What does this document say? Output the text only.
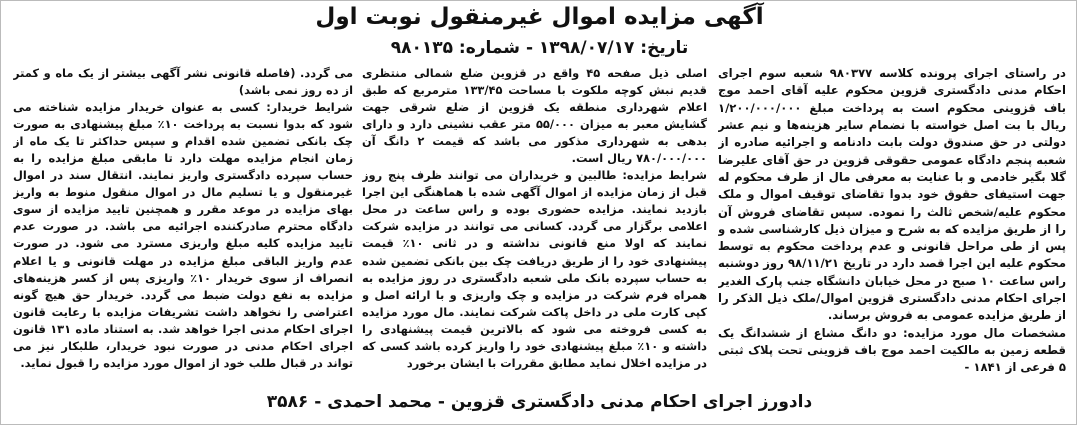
آگهی مزایده اموال غیرمنقول نوبت اول
تاریخ: ۱۳۹۸/۰۷/۱۷ - شماره: ۹۸۰۱۳۵

در راستای اجرای پرونده کلاسه ۹۸۰۳۷۷ شعبه سوم اجرای احکام مدنی دادگستری قزوین محکوم علیه آقای احمد موج باف قزوینی محکوم است به پرداخت مبلغ ۱/۲۰۰/۰۰۰/۰۰۰ ریال با بت اصل خواسته با نضمام سایر هزینه‌ها و نیم عشر دولتی در حق صندوق دولت بابت دادنامه و اجرائیه صادره از شعبه پنجم دادگاه عمومی حقوقی قزوین در حق آقای علیرضا گلا بگیر خادمی و با عنایت به معرفی مال از طرف محکوم له جهت استیفای حقوق خود بدوا تقاضای توقیف اموال و ملک محکوم علیه/شخص ثالث را نموده. سپس تقاضای فروش آن را از طریق مزایده که به شرح و میزان ذیل کارشناسی شده و پس از طی مراحل قانونی و عدم پرداخت محکوم به توسط محکوم علیه این اجرا قصد دارد در تاریخ ۹۸/۱۱/۲۱ روز دوشنبه راس ساعت ۱۰ صبح در محل خیابان دانشگاه جنب پارک الغدیر اجرای احکام مدنی دادگستری قزوین اموال/ملک ذیل الذکر را از طریق مزایده عمومی به فروش برساند.

مشخصات مال مورد مزایده: دو دانگ مشاع از ششدانگ یک قطعه زمین به مالکیت احمد موج باف قزوینی تحت پلاک ثبتی ۵ فرعی از ۱۸۴۱ -

اصلی ذیل صفحه ۴۵ واقع در قزوین ضلع شمالی منتظری قدیم نبش کوچه ملکوت با مساحت ۱۳۳/۴۵ مترمربع که طبق اعلام شهرداری منطقه یک قزوین از ضلع شرقی جهت گشایش معبر به میزان ۵۵/۰۰۰ متر عقب نشینی دارد و دارای بدهی به شهرداری مذکور می باشد که قیمت ۲ دانگ آن ۷۸۰/۰۰۰/۰۰۰ ریال است.

شرایط مزایده: طالبین و خریداران می توانند ظرف پنج روز قبل از زمان مزایده از اموال آگهی شده با هماهنگی این اجرا بازدید نمایند. مزایده حضوری بوده و راس ساعت در محل اعلامی برگزار می گردد. کسانی می توانند در مزایده شرکت نمایند که اولا منع قانونی نداشته و در ثانی ۱۰٪ قیمت پیشنهادی خود را از طریق دریافت چک بین بانکی تضمین شده به حساب سپرده بانک ملی شعبه دادگستری در روز مزایده به همراه فرم شرکت در مزایده و چک واریزی و با ارائه اصل و کپی کارت ملی در داخل پاکت شرکت نمایند. مال مورد مزایده به کسی فروخته می شود که بالاترین قیمت پیشنهادی را داشته و ۱۰٪ مبلغ پیشنهادی خود را واریز کرده باشد کسی که در مزایده اخلال نماید مطابق مقررات با ایشان برخورد

می گردد. (فاصله قانونی نشر آگهی بیشتر از یک ماه و کمتر از ده روز نمی باشد)

شرایط خریدار: کسی به عنوان خریدار مزایده شناخته می شود که بدوا نسبت به پرداخت ۱۰٪ مبلغ پیشنهادی به صورت چک بانکی تضمین شده اقدام و سپس حداکثر تا یک ماه از زمان انجام مزایده مهلت دارد تا مابقی مبلغ مزایده را به حساب سپرده دادگستری واریز نمایند. انتقال سند در اموال غیرمنقول و یا تسلیم مال در اموال منقول منوط به واریز بهای مزایده در موعد مقرر و همچنین تایید مزایده از سوی دادگاه محترم صادرکننده اجرائیه می باشد. در صورت عدم تایید مزایده کلیه مبلغ واریزی مسترد می شود. در صورت عدم واریز الباقی مبلغ مزایده در مهلت قانونی و یا اعلام انصراف از سوی خریدار ۱۰٪ واریزی پس از کسر هزینه‌های مزایده به نفع دولت ضبط می گردد. خریدار حق هیچ گونه اعتراضی را نخواهد داشت تشریفات مزایده با رعایت قانون اجرای احکام مدنی اجرا خواهد شد. به استناد ماده ۱۳۱ قانون اجرای احکام مدنی در صورت نبود خریدار، طلبکار نیز می تواند در قبال طلب خود از اموال مورد مزایده را قبول نماید.

دادورز اجرای احکام مدنی دادگستری قزوین - محمد احمدی - ۳۵۸۶
